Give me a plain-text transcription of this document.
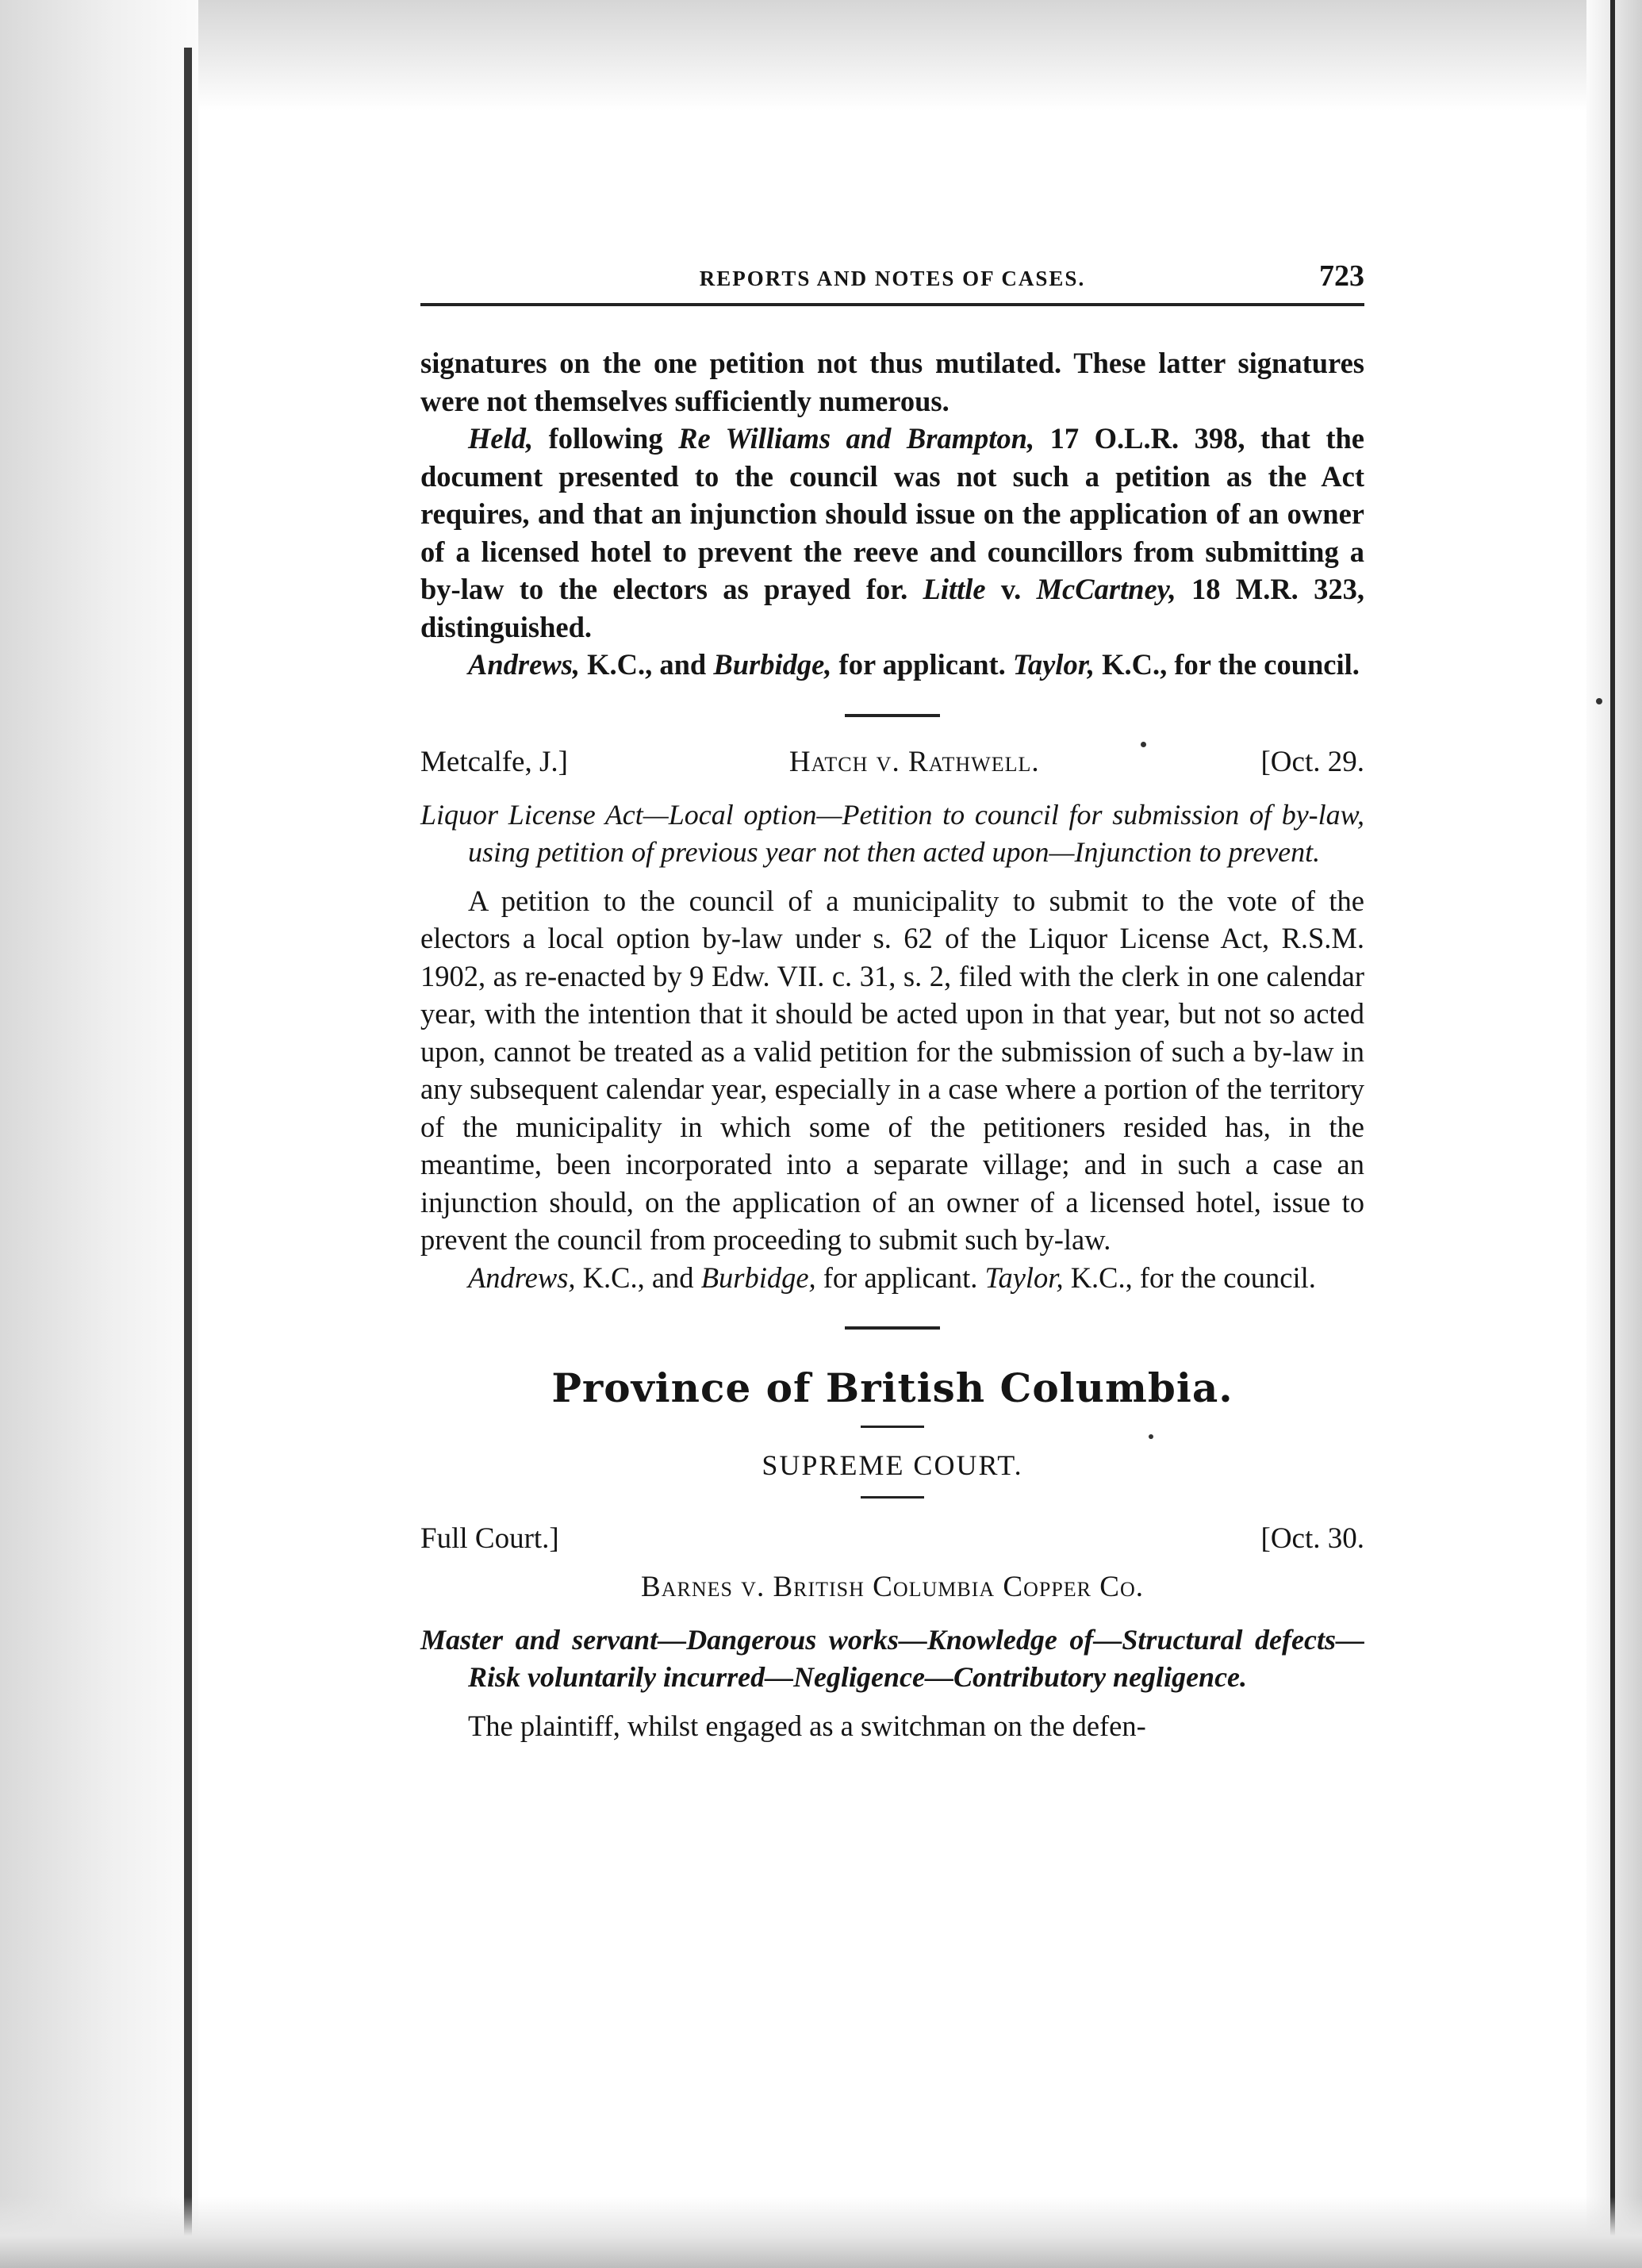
REPORTS AND NOTES OF CASES.	723

signatures on the one petition not thus mutilated. These latter signatures were not themselves sufficiently numerous.

Held, following Re Williams and Brampton, 17 O.L.R. 398, that the document presented to the council was not such a petition as the Act requires, and that an injunction should issue on the application of an owner of a licensed hotel to prevent the reeve and councillors from submitting a by-law to the electors as prayed for. Little v. McCartney, 18 M.R. 323, distinguished.

Andrews, K.C., and Burbidge, for applicant. Taylor, K.C., for the council.

Metcalfe, J.]	Hatch v. Rathwell.	[Oct. 29.
Liquor License Act—Local option—Petition to council for submission of by-law, using petition of previous year not then acted upon—Injunction to prevent.

A petition to the council of a municipality to submit to the vote of the electors a local option by-law under s. 62 of the Liquor License Act, R.S.M. 1902, as re-enacted by 9 Edw. VII. c. 31, s. 2, filed with the clerk in one calendar year, with the intention that it should be acted upon in that year, but not so acted upon, cannot be treated as a valid petition for the submission of such a by-law in any subsequent calendar year, especially in a case where a portion of the territory of the municipality in which some of the petitioners resided has, in the meantime, been incorporated into a separate village; and in such a case an injunction should, on the application of an owner of a licensed hotel, issue to prevent the council from proceeding to submit such by-law.

Andrews, K.C., and Burbidge, for applicant. Taylor, K.C., for the council.

Province of British Columbia.
SUPREME COURT.
Full Court.]	[Oct. 30.
Barnes v. British Columbia Copper Co.
Master and servant—Dangerous works—Knowledge of—Structural defects—Risk voluntarily incurred—Negligence—Contributory negligence.

The plaintiff, whilst engaged as a switchman on the defen-
